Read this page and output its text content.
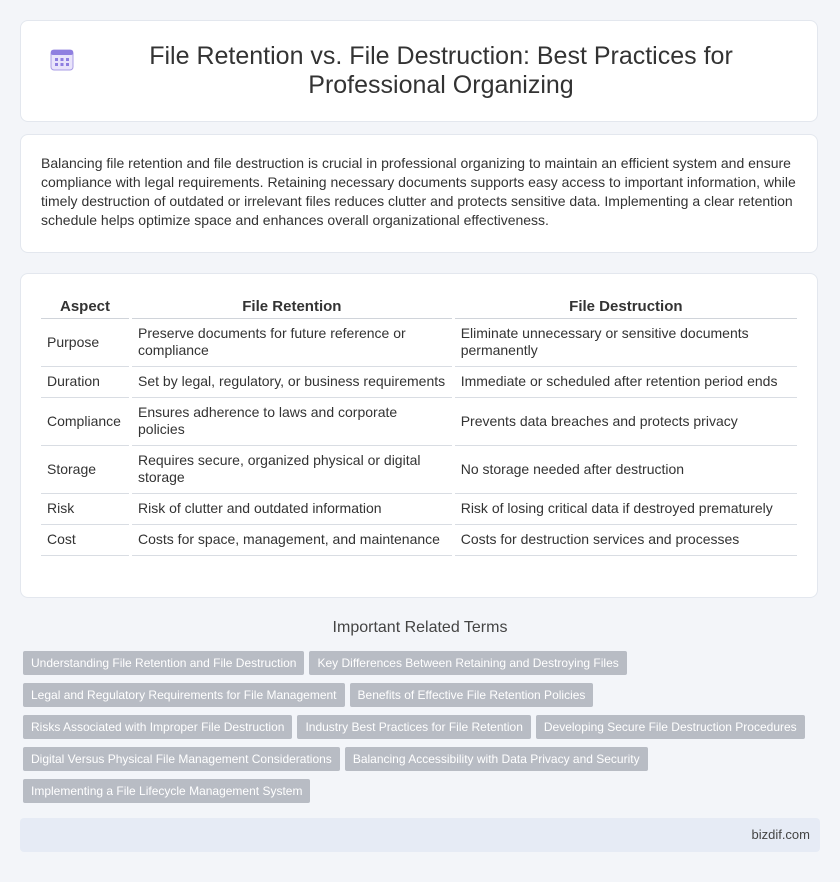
File Retention vs. File Destruction: Best Practices for Professional Organizing

Balancing file retention and file destruction is crucial in professional organizing to maintain an efficient system and ensure compliance with legal requirements. Retaining necessary documents supports easy access to important information, while timely destruction of outdated or irrelevant files reduces clutter and protects sensitive data. Implementing a clear retention schedule helps optimize space and enhances overall organizational effectiveness.

Aspect	File Retention	File Destruction
Purpose	Preserve documents for future reference or compliance	Eliminate unnecessary or sensitive documents permanently
Duration	Set by legal, regulatory, or business requirements	Immediate or scheduled after retention period ends
Compliance	Ensures adherence to laws and corporate policies	Prevents data breaches and protects privacy
Storage	Requires secure, organized physical or digital storage	No storage needed after destruction
Risk	Risk of clutter and outdated information	Risk of losing critical data if destroyed prematurely
Cost	Costs for space, management, and maintenance	Costs for destruction services and processes
Important Related Terms
Understanding File Retention and File Destruction Key Differences Between Retaining and Destroying FilesLegal and Regulatory Requirements for File Management Benefits of Effective File Retention PoliciesRisks Associated with Improper File Destruction Industry Best Practices for File Retention Developing Secure File Destruction ProceduresDigital Versus Physical File Management Considerations Balancing Accessibility with Data Privacy and SecurityImplementing a File Lifecycle Management System
bizdif.com
